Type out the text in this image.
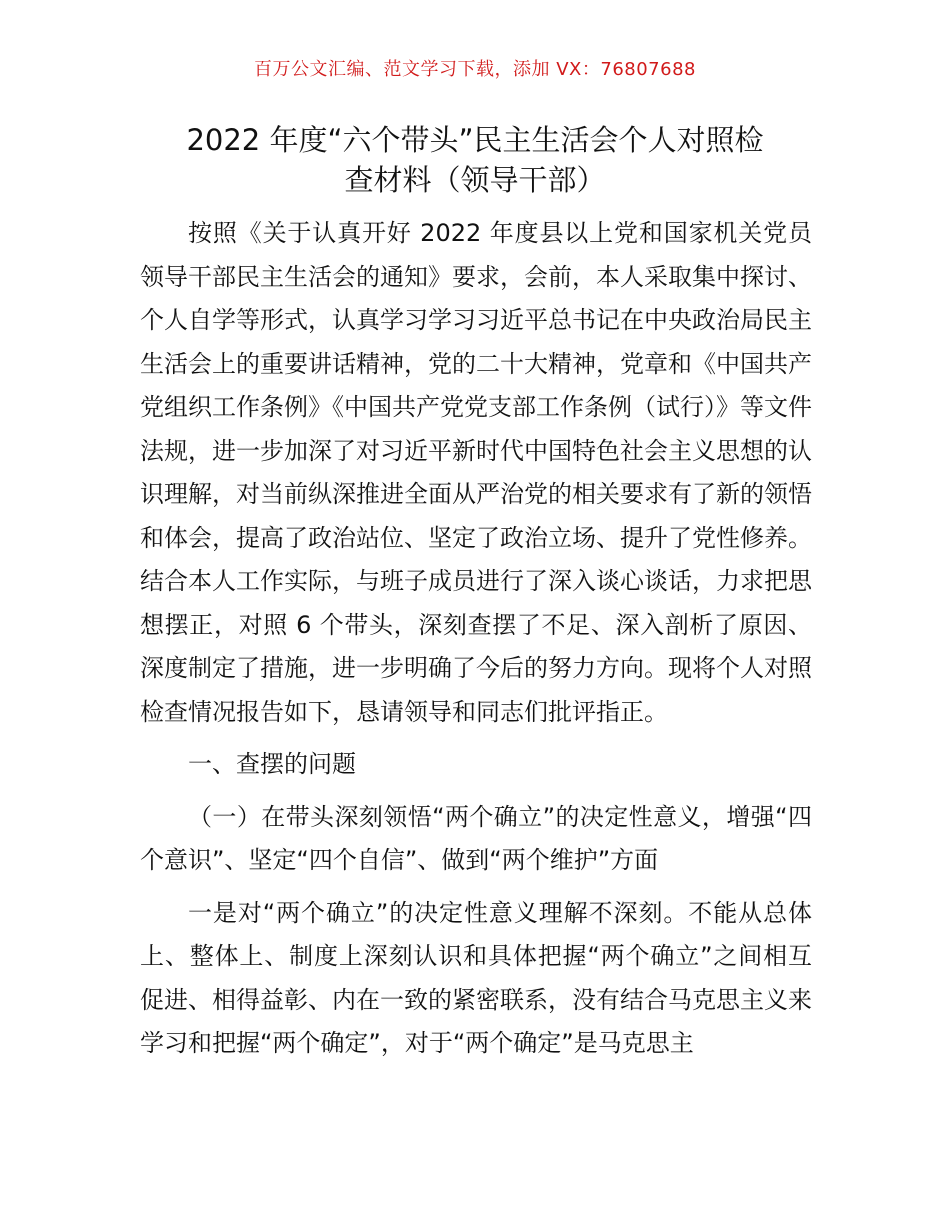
百万公文汇编、范文学习下载，添加 VX：76807688
2022 年度“六个带头”民主生活会个人对照检
查材料（领导干部）

按照《关于认真开好 2022 年度县以上党和国家机关党员领导干部民主生活会的通知》要求，会前，本人采取集中探讨、个人自学等形式，认真学习学习习近平总书记在中央政治局民主生活会上的重要讲话精神，党的二十大精神，党章和《中国共产党组织工作条例》《中国共产党党支部工作条例（试行）》等文件法规，进一步加深了对习近平新时代中国特色社会主义思想的认识理解，对当前纵深推进全面从严治党的相关要求有了新的领悟和体会，提高了政治站位、坚定了政治立场、提升了党性修养。结合本人工作实际，与班子成员进行了深入谈心谈话，力求把思想摆正，对照 6 个带头，深刻查摆了不足、深入剖析了原因、深度制定了措施，进一步明确了今后的努力方向。现将个人对照检查情况报告如下，恳请领导和同志们批评指正。

一、查摆的问题

（一）在带头深刻领悟“两个确立”的决定性意义，增强“四个意识”、坚定“四个自信”、做到“两个维护”方面

一是对“两个确立”的决定性意义理解不深刻。不能从总体上、整体上、制度上深刻认识和具体把握“两个确立”之间相互促进、相得益彰、内在一致的紧密联系，没有结合马克思主义来学习和把握“两个确定”，对于“两个确定”是马克思主
